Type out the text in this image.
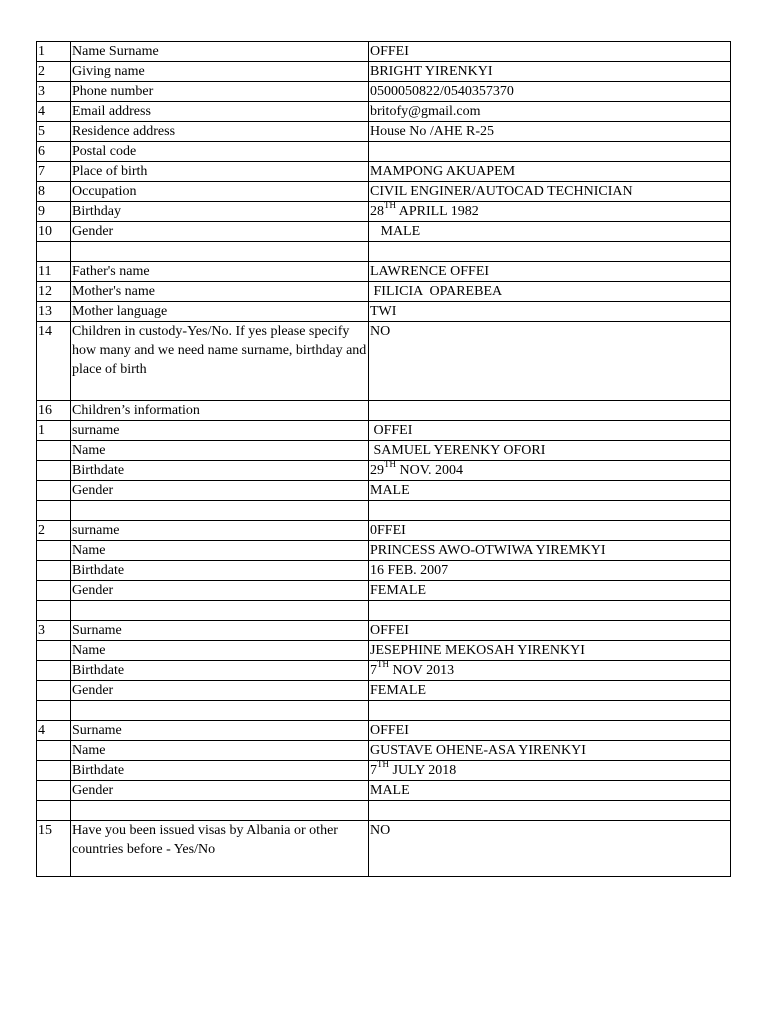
1	Name Surname	OFFEI
2	Giving name	BRIGHT YIRENKYI
3	Phone number	0500050822/0540357370
4	Email address	britofy@gmail.com
5	Residence address	House No /AHE R-25
6	Postal code	
7	Place of birth	MAMPONG AKUAPEM
8	Occupation	CIVIL ENGINER/AUTOCAD TECHNICIAN
9	Birthday	28TH APRILL 1982
10	Gender	MALE

11	Father's name	LAWRENCE OFFEI
12	Mother's name	FILICIA  OPAREBEA
13	Mother language	TWI
14	Children in custody-Yes/No. If yes please specify how many and we need name surname, birthday and
place of birth	NO
16	Children’s information	
1	surname	OFFEI
	Name	SAMUEL YERENKY OFORI
	Birthdate	29TH NOV. 2004
	Gender	MALE

2	surname	0FFEI
	Name	PRINCESS AWO-OTWIWA YIREMKYI
	Birthdate	16 FEB. 2007
	Gender	FEMALE

3	Surname	OFFEI
	Name	JESEPHINE MEKOSAH YIRENKYI
	Birthdate	7TH NOV 2013
	Gender	FEMALE

4	Surname	OFFEI
	Name	GUSTAVE OHENE-ASA YIRENKYI
	Birthdate	7TH JULY 2018
	Gender	MALE

15	Have you been issued visas by Albania or other countries before - Yes/No	NO
